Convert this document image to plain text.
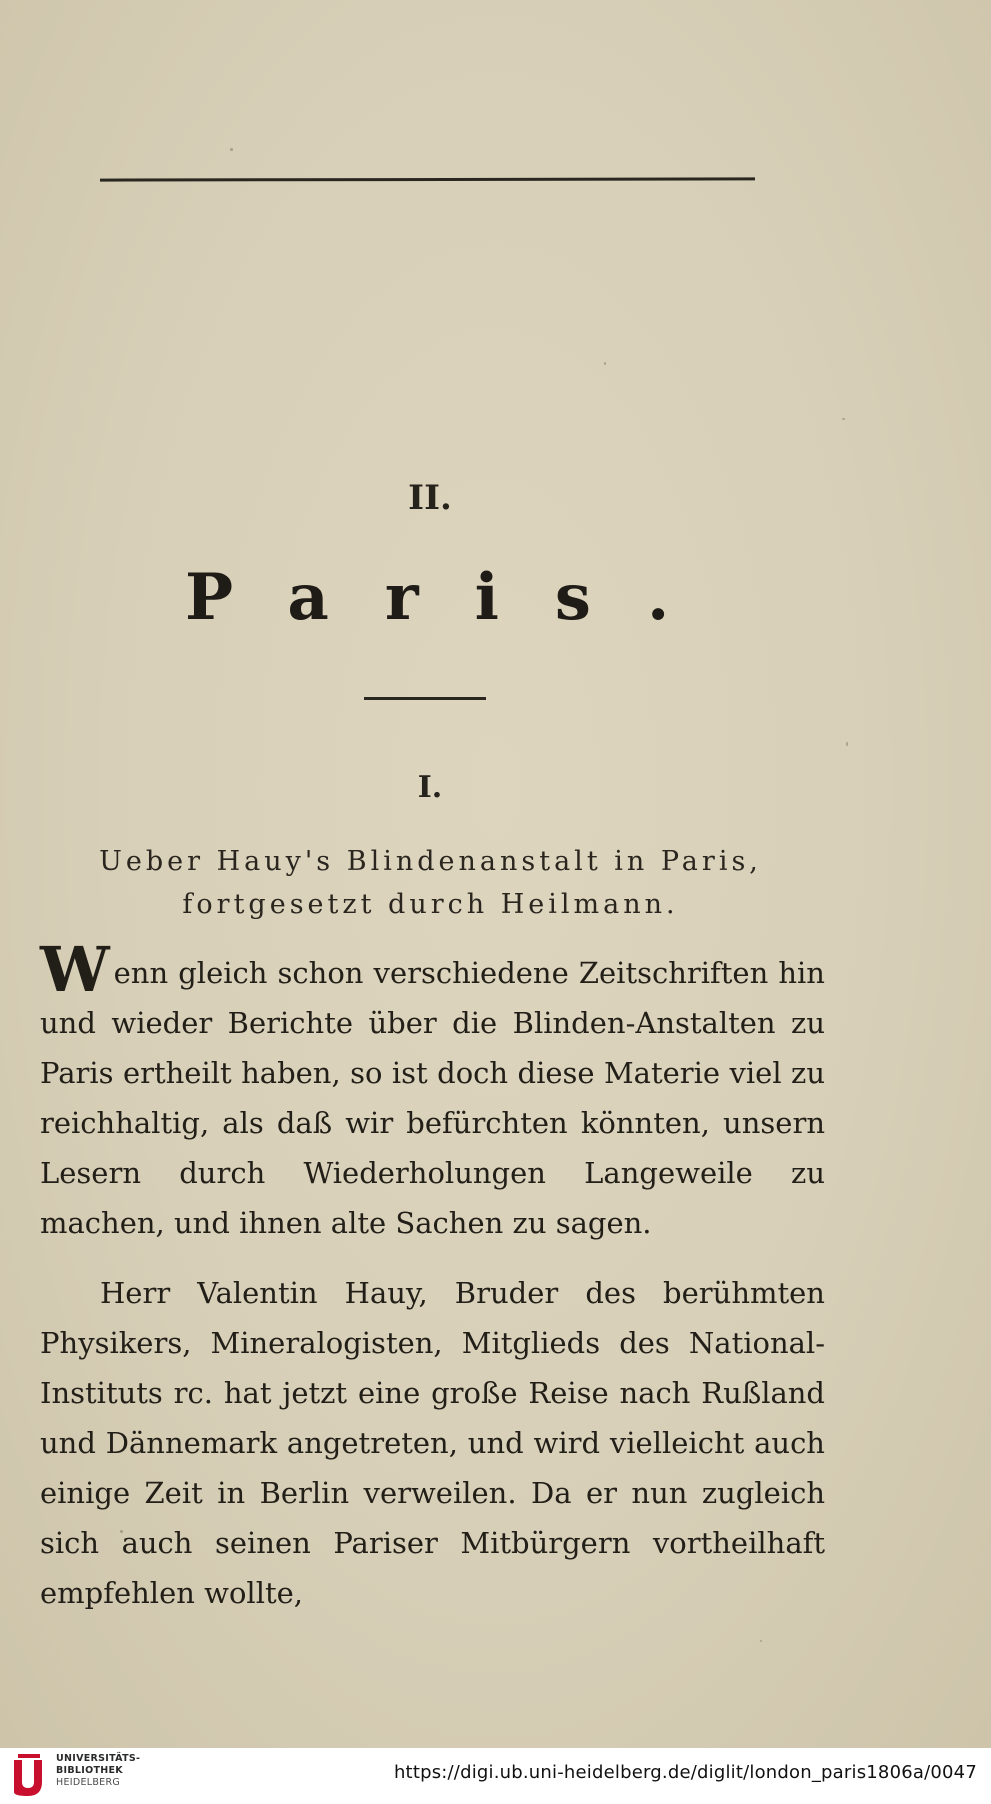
II.
Paris.
I.
Ueber Hauy's Blindenanstalt in Paris, fortgesetzt durch Heilmann.
Wenn gleich schon verschiedene Zeitschriften hin und wieder Berichte über die Blinden-Anstalten zu Paris ertheilt haben, so ist doch diese Materie viel zu reichhaltig, als daß wir befürchten könnten, unsern Lesern durch Wiederholungen Langeweile zu machen, und ihnen alte Sachen zu sagen.
Herr Valentin Hauy, Bruder des berühmten Physikers, Mineralogisten, Mitglieds des National-Instituts rc. hat jetzt eine große Reise nach Rußland und Dännemark angetreten, und wird vielleicht auch einige Zeit in Berlin verweilen. Da er nun zugleich sich auch seinen Pariser Mitbürgern vortheilhaft empfehlen wollte,
UNIVERSITÄTS-
BIBLIOTHEK
HEIDELBERG	https://digi.ub.uni-heidelberg.de/diglit/london_paris1806a/0047
